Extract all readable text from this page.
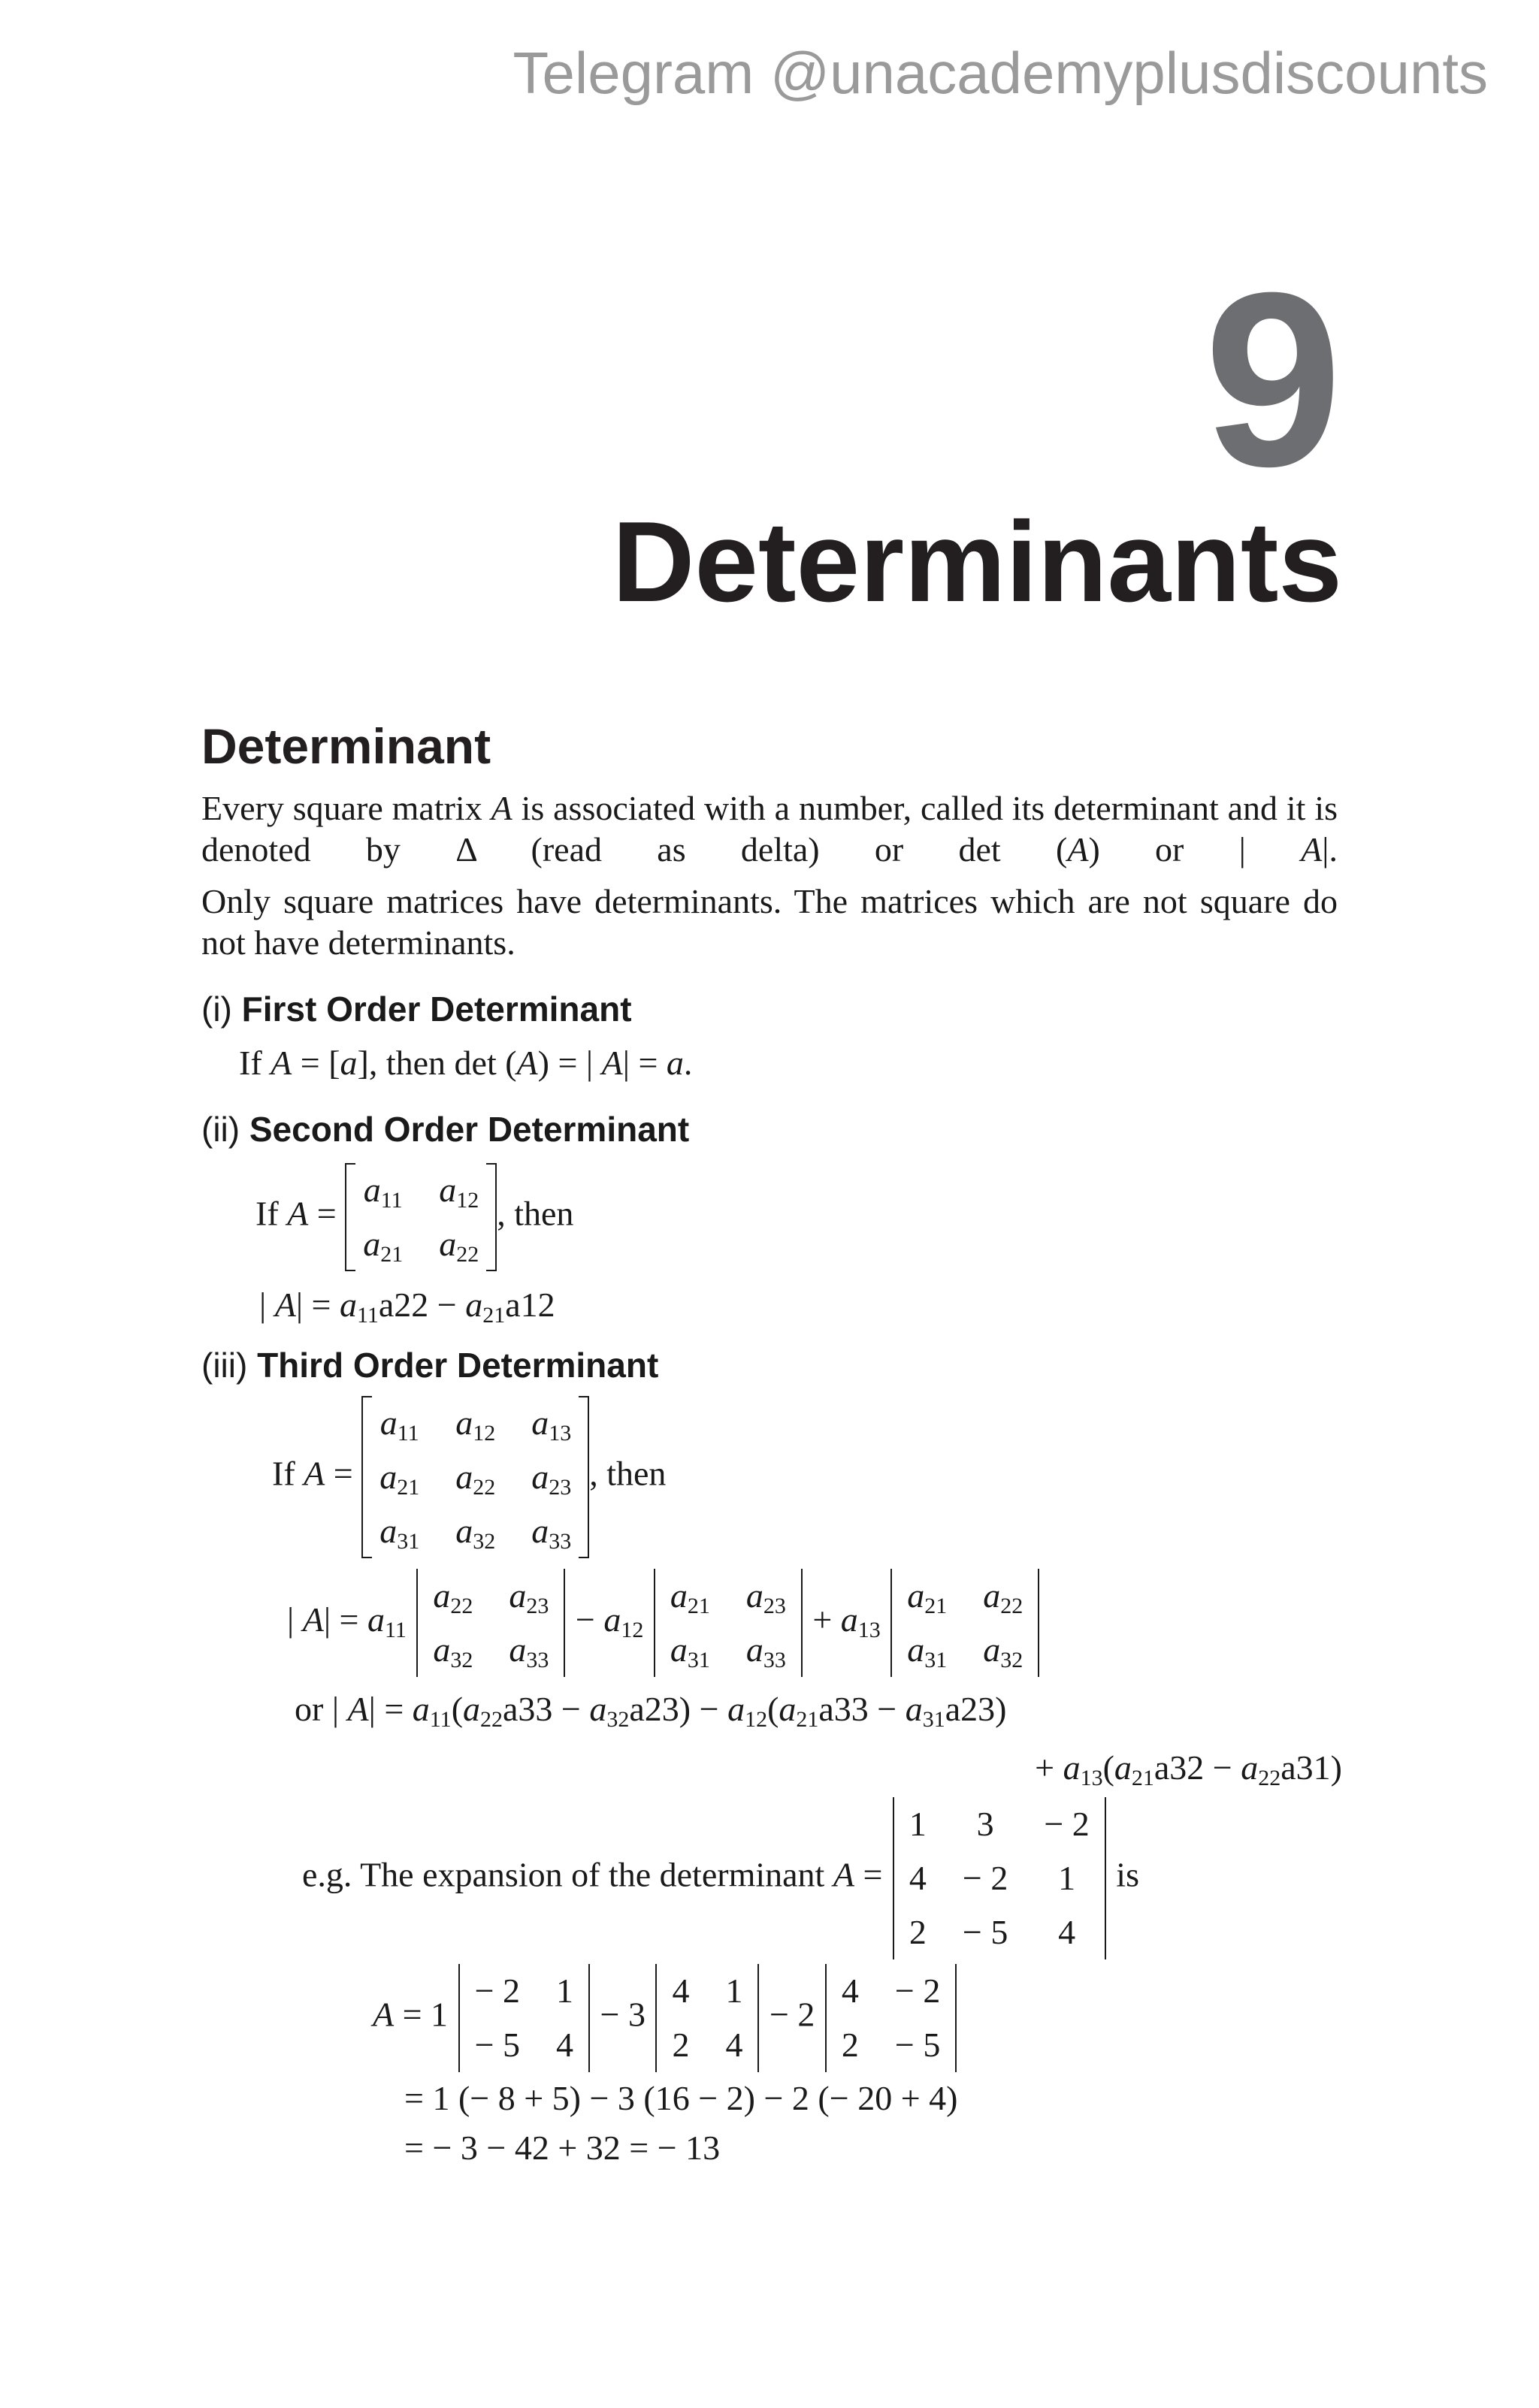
Telegram @unacademyplusdiscounts
9
Determinants
Determinant
Every square matrix A is associated with a number, called its determinant and it is denoted by Δ (read as delta) or det (A) or | A|.
Only square matrices have determinants. The matrices which are not square do not have determinants.
(i) First Order Determinant
If A = [a], then det (A) = | A| = a.
(ii) Second Order Determinant
If A =
$a_{11}$	$a_{12}$
$a_{21}$	$a_{22}$
, then
| $A| = a_{11}a22 - a_{21}a12$
(iii) Third Order Determinant
If A =
$a_{11}$	$a_{12}$	$a_{13}$
$a_{21}$	$a_{22}$	$a_{23}$
$a_{31}$	$a_{32}$	$a_{33}$
, then
| $A| = a_{11}$
$a_{22}$	$a_{23}$
$a_{32}$	$a_{33}$
− $a_{12}$
$a_{21}$	$a_{23}$
$a_{31}$	$a_{33}$
+ $a_{13}$
$a_{21}$	$a_{22}$
$a_{31}$	$a_{32}$
or | $A| = a_{11}(a_{22}a33 - a_{32}a23) - a_{12}(a_{21}a33 - a_{31}a23)$
+ $a_{13}(a_{21}a32 - a_{22}a31)$
e.g. The expansion of the determinant A =
1	3	− 2
4	− 2	1
2	− 5	4
is
A = 1
− 2	1
− 5	4
− 3
4	1
2	4
− 2
4	− 2
2	− 5
= 1 (− 8 + 5) − 3 (16 − 2) − 2 (− 20 + 4)
= − 3 − 42 + 32 = − 13
